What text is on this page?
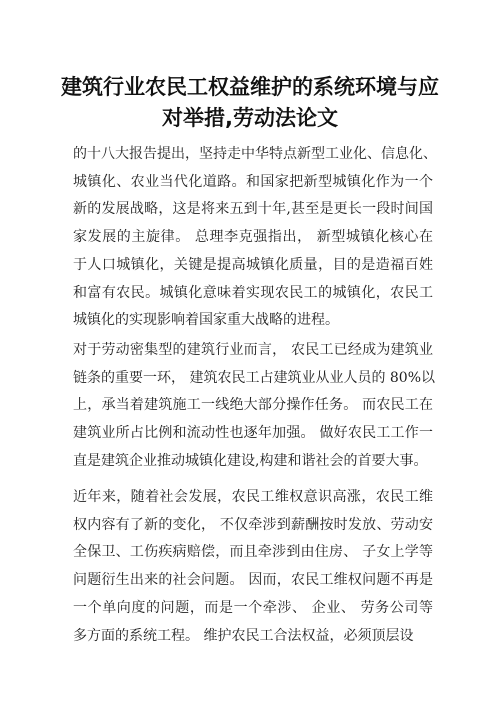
建筑行业农民工权益维护的系统环境与应
对举措,劳动法论文

的十八大报告提出，坚持走中华特点新型工业化、信息化、
城镇化、农业当代化道路。和国家把新型城镇化作为一个
新的发展战略，这是将来五到十年,甚至是更长一段时间国
家发展的主旋律。 总理李克强指出， 新型城镇化核心在
于人口城镇化，关键是提高城镇化质量，目的是造福百姓
和富有农民。城镇化意味着实现农民工的城镇化，农民工
城镇化的实现影响着国家重大战略的进程。

对于劳动密集型的建筑行业而言， 农民工已经成为建筑业
链条的重要一环， 建筑农民工占建筑业从业人员的 80%以
上，承当着建筑施工一线绝大部分操作任务。 而农民工在
建筑业所占比例和流动性也逐年加强。 做好农民工工作一
直是建筑企业推动城镇化建设,构建和谐社会的首要大事。

近年来，随着社会发展，农民工维权意识高涨，农民工维
权内容有了新的变化， 不仅牵涉到薪酬按时发放、劳动安
全保卫、工伤疾病赔偿，而且牵涉到由住房、 子女上学等
问题衍生出来的社会问题。 因而，农民工维权问题不再是
一个单向度的问题，而是一个牵涉、 企业、 劳务公司等
多方面的系统工程。 维护农民工合法权益，必须顶层设
